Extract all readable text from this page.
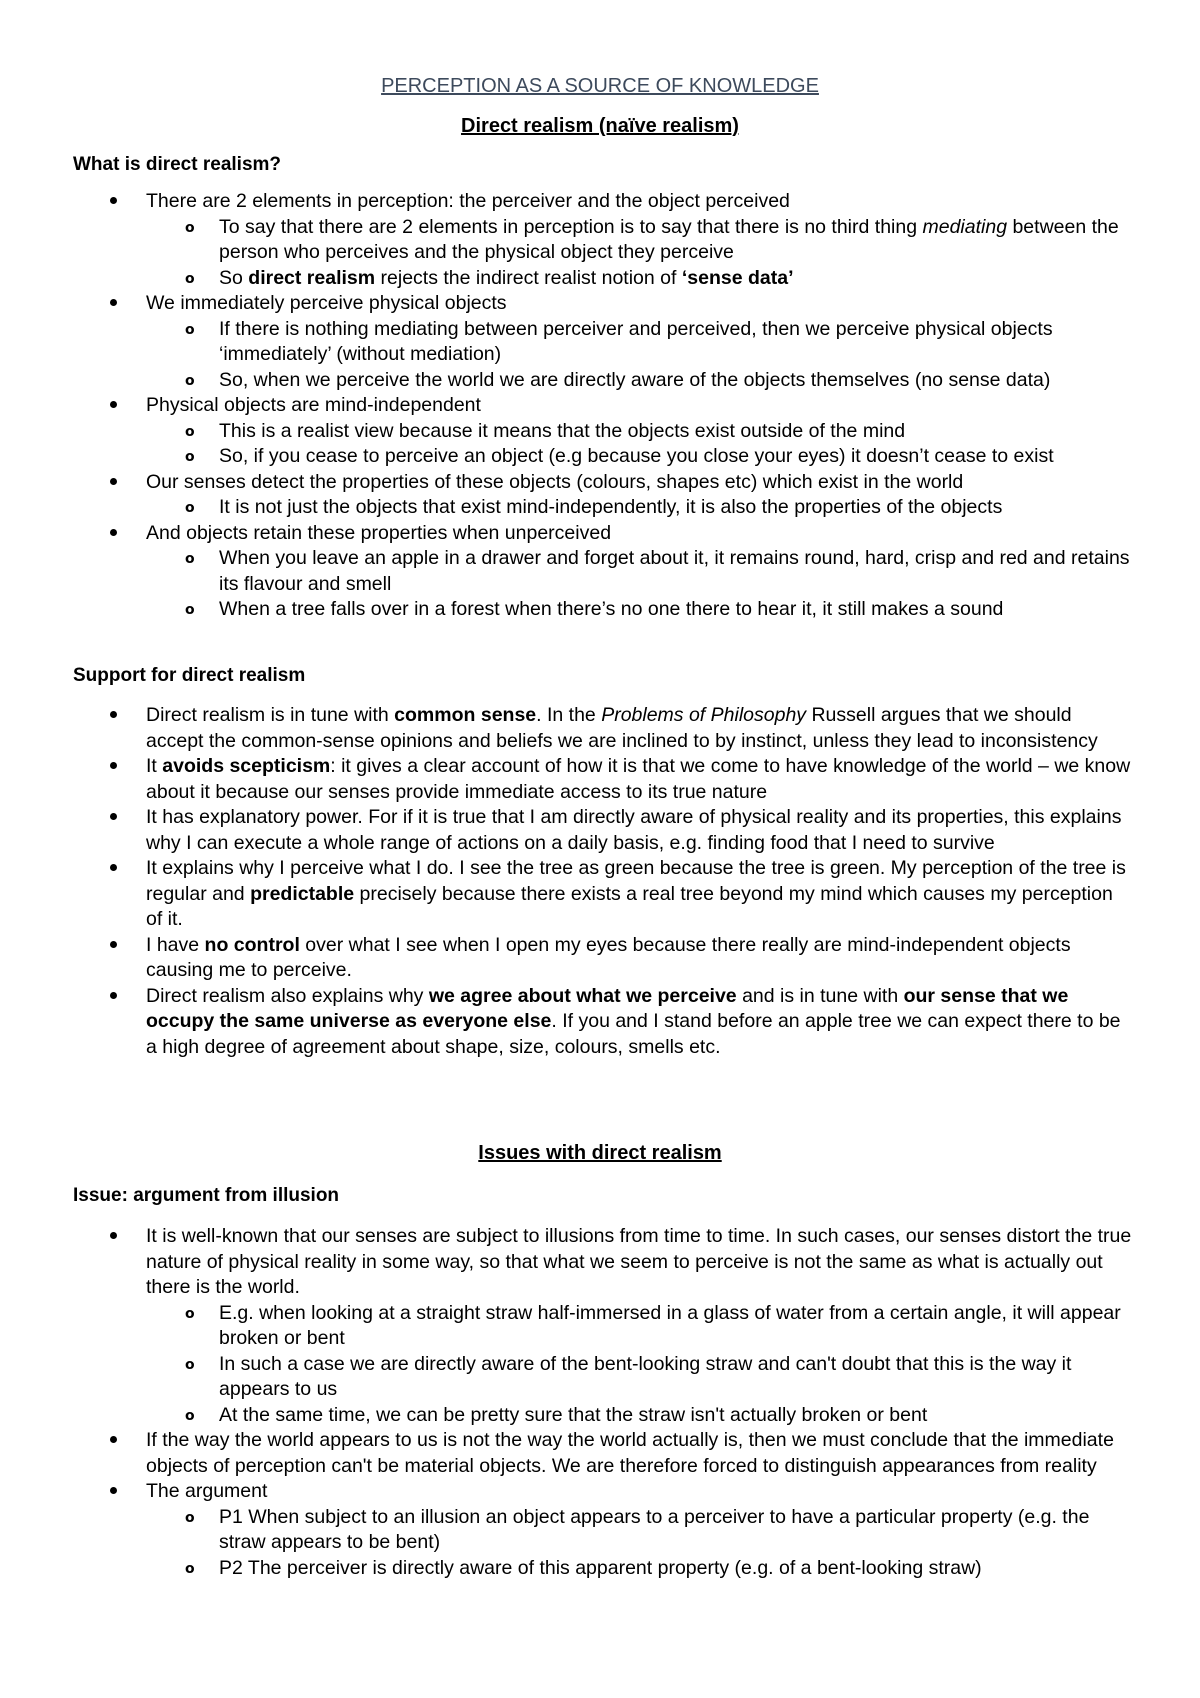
PERCEPTION AS A SOURCE OF KNOWLEDGE
Direct realism (naïve realism)
What is direct realism?
There are 2 elements in perception: the perceiver and the object perceived
o To say that there are 2 elements in perception is to say that there is no third thing mediating between the person who perceives and the physical object they perceive
o So direct realism rejects the indirect realist notion of ‘sense data’
We immediately perceive physical objects
o If there is nothing mediating between perceiver and perceived, then we perceive physical objects ‘immediately’ (without mediation)
o So, when we perceive the world we are directly aware of the objects themselves (no sense data)
Physical objects are mind-independent
o This is a realist view because it means that the objects exist outside of the mind
o So, if you cease to perceive an object (e.g because you close your eyes) it doesn’t cease to exist
Our senses detect the properties of these objects (colours, shapes etc) which exist in the world
o It is not just the objects that exist mind-independently, it is also the properties of the objects
And objects retain these properties when unperceived
o When you leave an apple in a drawer and forget about it, it remains round, hard, crisp and red and retains its flavour and smell
o When a tree falls over in a forest when there’s no one there to hear it, it still makes a sound
Support for direct realism
Direct realism is in tune with common sense. In the Problems of Philosophy Russell argues that we should accept the common-sense opinions and beliefs we are inclined to by instinct, unless they lead to inconsistency
It avoids scepticism: it gives a clear account of how it is that we come to have knowledge of the world – we know about it because our senses provide immediate access to its true nature
It has explanatory power. For if it is true that I am directly aware of physical reality and its properties, this explains why I can execute a whole range of actions on a daily basis, e.g. finding food that I need to survive
It explains why I perceive what I do. I see the tree as green because the tree is green. My perception of the tree is regular and predictable precisely because there exists a real tree beyond my mind which causes my perception of it.
I have no control over what I see when I open my eyes because there really are mind-independent objects causing me to perceive.
Direct realism also explains why we agree about what we perceive and is in tune with our sense that we occupy the same universe as everyone else. If you and I stand before an apple tree we can expect there to be a high degree of agreement about shape, size, colours, smells etc.
Issues with direct realism
Issue: argument from illusion
It is well-known that our senses are subject to illusions from time to time. In such cases, our senses distort the true nature of physical reality in some way, so that what we seem to perceive is not the same as what is actually out there is the world.
o E.g. when looking at a straight straw half-immersed in a glass of water from a certain angle, it will appear broken or bent
o In such a case we are directly aware of the bent-looking straw and can't doubt that this is the way it appears to us
o At the same time, we can be pretty sure that the straw isn't actually broken or bent
If the way the world appears to us is not the way the world actually is, then we must conclude that the immediate objects of perception can't be material objects. We are therefore forced to distinguish appearances from reality
The argument
o P1 When subject to an illusion an object appears to a perceiver to have a particular property (e.g. the straw appears to be bent)
o P2 The perceiver is directly aware of this apparent property (e.g. of a bent-looking straw)
